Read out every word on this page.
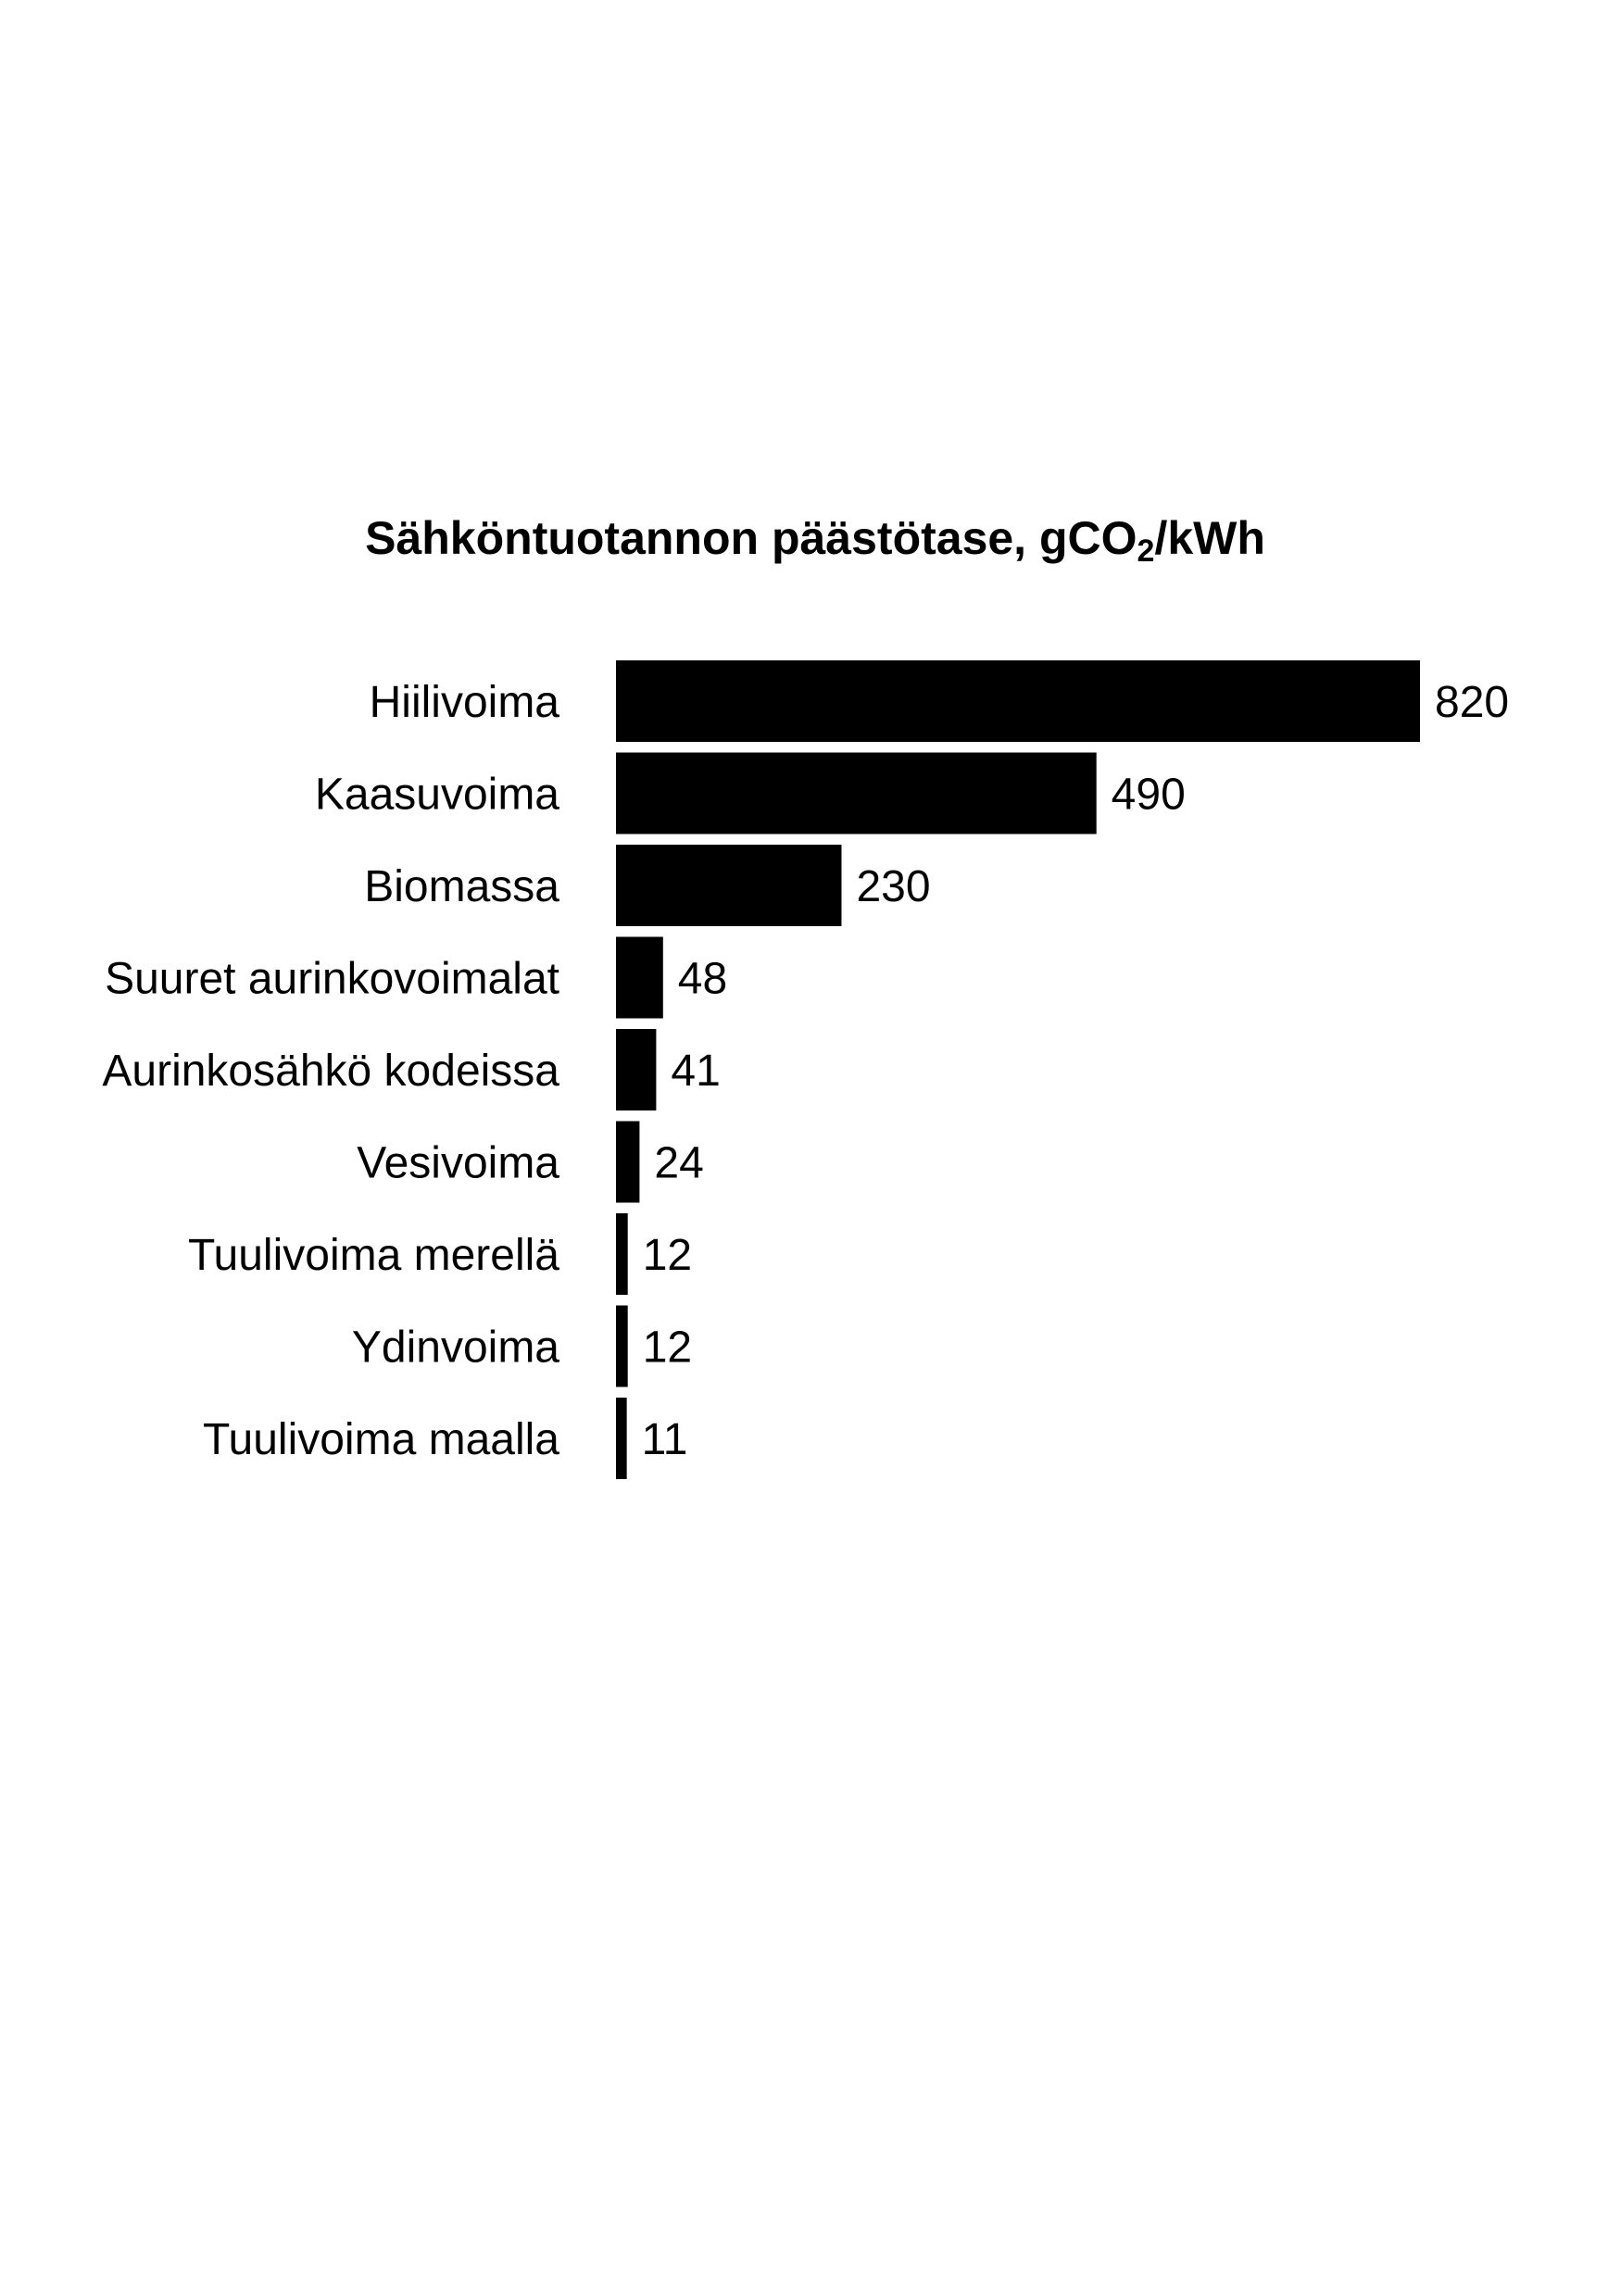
Sähköntuotannon päästötase, gCO2/kWh
Hiilivoima	820
Kaasuvoima	490
Biomassa	230
Suuret aurinkovoimalat	48
Aurinkosähkö kodeissa	41
Vesivoima 24
Tuulivoima merellä 12
Ydinvoima 12
Tuulivoima maalla 11
